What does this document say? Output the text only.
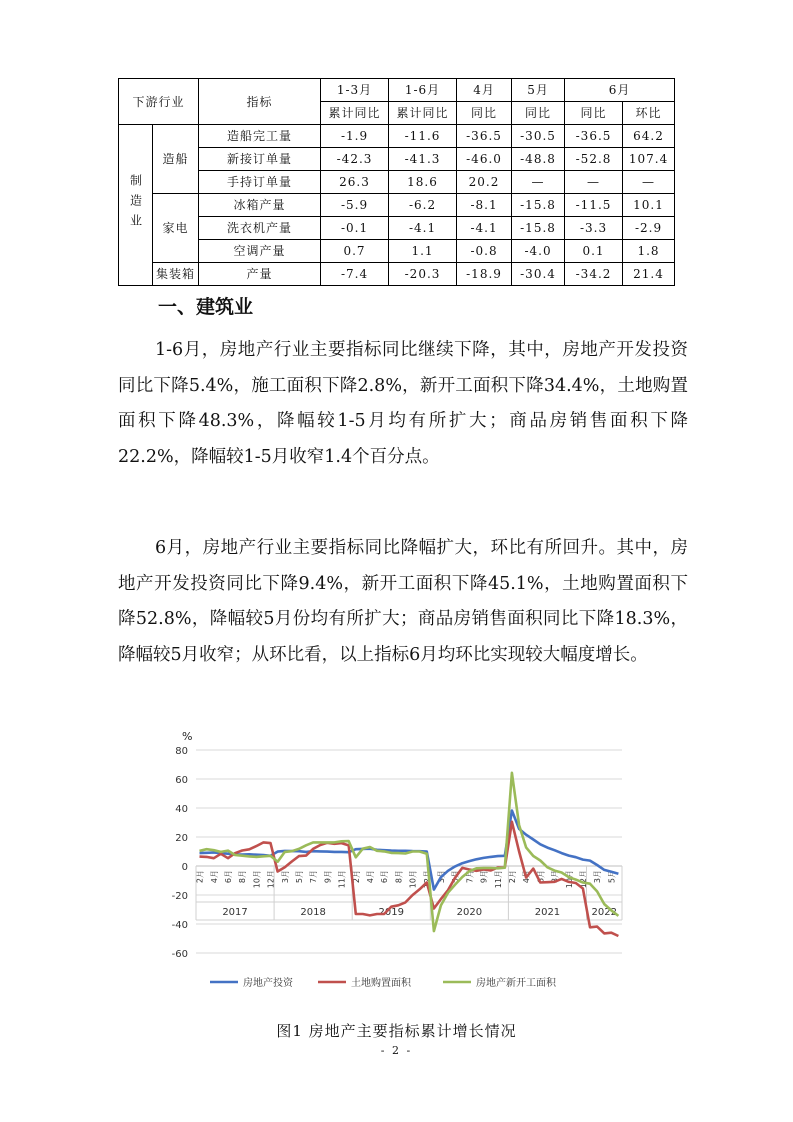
下游行业		指标	1-3月	1-6月	4月	5月	6月	
			累计同比	累计同比	同比	同比	同比	环比
制造业	造船	造船完工量	-1.9	-11.6	-36.5	-30.5	-36.5	64.2
		新接订单量	-42.3	-41.3	-46.0	-48.8	-52.8	107.4
		手持订单量	26.3	18.6	20.2	—	—	—
	家电	冰箱产量	-5.9	-6.2	-8.1	-15.8	-11.5	10.1
		洗衣机产量	-0.1	-4.1	-4.1	-15.8	-3.3	-2.9
		空调产量	0.7	1.1	-0.8	-4.0	0.1	1.8
	集装箱	产量	-7.4	-20.3	-18.9	-30.4	-34.2	21.4
一、建筑业

1-6月，房地产行业主要指标同比继续下降，其中，房地产开发投资同比下降5.4%，施工面积下降2.8%，新开工面积下降34.4%，土地购置面积下降48.3%，降幅较1-5月均有所扩大；商品房销售面积下降22.2%，降幅较1-5月收窄1.4个百分点。

6月，房地产行业主要指标同比降幅扩大，环比有所回升。其中，房地产开发投资同比下降9.4%，新开工面积下降45.1%，土地购置面积下降52.8%，降幅较5月份均有所扩大；商品房销售面积同比下降18.3%，降幅较5月收窄；从环比看，以上指标6月均环比实现较大幅度增长。

%
80
60
40
20
0
-20
-40
-60
2月 4月 6月 8月 10月 12月 3月 5月 7月 9月 11月 2月 4月 6月 8月 10月 12月 3月 5月 7月 9月 11月 2月 4月 6月 8月 10月 12月 3月 5月
2017	2018	2019	2020	2021	2022
房地产投资	土地购置面积	房地产新开工面积
图1 房地产主要指标累计增长情况
- 2 -
